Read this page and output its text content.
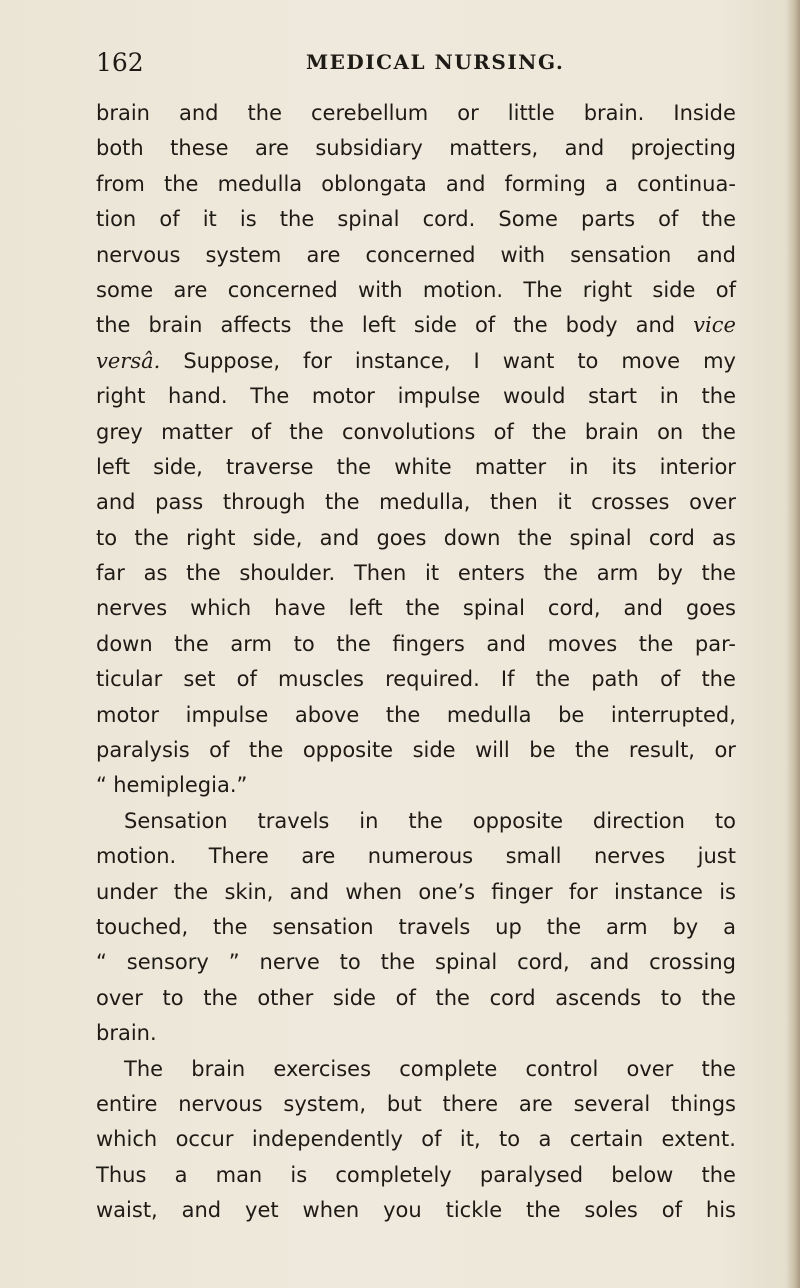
162	MEDICAL NURSING.
brain and the cerebellum or little brain. Inside
both these are subsidiary matters, and projecting
from the medulla oblongata and forming a continua-
tion of it is the spinal cord. Some parts of the
nervous system are concerned with sensation and
some are concerned with motion. The right side of
the brain affects the left side of the body and vice
versâ. Suppose, for instance, I want to move my
right hand. The motor impulse would start in the
grey matter of the convolutions of the brain on the
left side, traverse the white matter in its interior
and pass through the medulla, then it crosses over
to the right side, and goes down the spinal cord as
far as the shoulder. Then it enters the arm by the
nerves which have left the spinal cord, and goes
down the arm to the fingers and moves the par-
ticular set of muscles required. If the path of the
motor impulse above the medulla be interrupted,
paralysis of the opposite side will be the result, or
“ hemiplegia.”
Sensation travels in the opposite direction to
motion. There are numerous small nerves just
under the skin, and when one’s finger for instance is
touched, the sensation travels up the arm by a
“ sensory ” nerve to the spinal cord, and crossing
over to the other side of the cord ascends to the
brain.
The brain exercises complete control over the
entire nervous system, but there are several things
which occur independently of it, to a certain extent.
Thus a man is completely paralysed below the
waist, and yet when you tickle the soles of his
